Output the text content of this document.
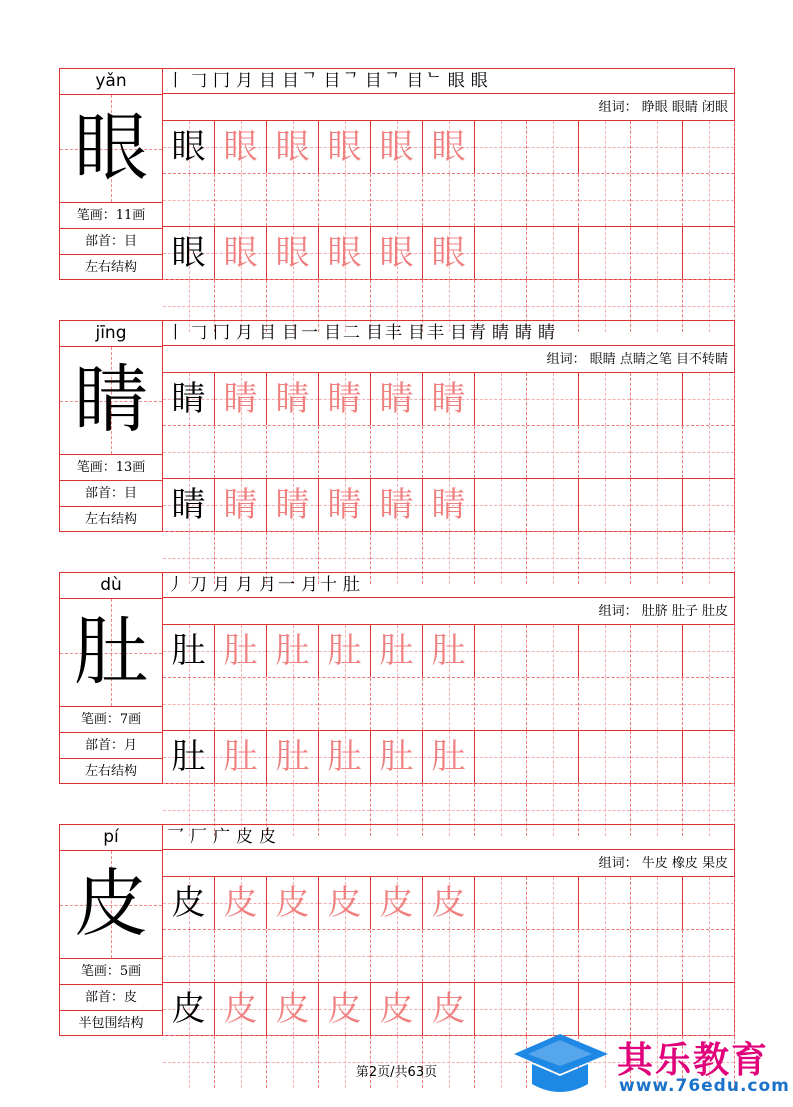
yǎn
眼
笔画：11画
部首：目
左右结构
丨 𠃌 冂 月 目 目ᄀ 目ᄀ 目ᄀ 目ᄂ 眼 眼
组词： 睁眼 眼睛 闭眼
眼 眼 眼 眼 眼 眼
眼 眼 眼 眼 眼 眼
jīng
睛
笔画：13画
部首：目
左右结构
丨 𠃌 冂 月 目 目一 目二 目丰 目丰 目青 睛 睛 睛
组词： 眼睛 点睛之笔 目不转睛
睛 睛 睛 睛 睛 睛
睛 睛 睛 睛 睛 睛
dù
肚
笔画：7画
部首：月
左右结构
丿 刀 月 月 月一 月十 肚
组词： 肚脐 肚子 肚皮
肚 肚 肚 肚 肚 肚
肚 肚 肚 肚 肚 肚
pí
皮
笔画：5画
部首：皮
半包围结构
乛 厂 广 皮 皮
组词： 牛皮 橡皮 果皮
皮 皮 皮 皮 皮 皮
皮 皮 皮 皮 皮 皮
第2页/共63页	其乐教育
www.76edu.com
